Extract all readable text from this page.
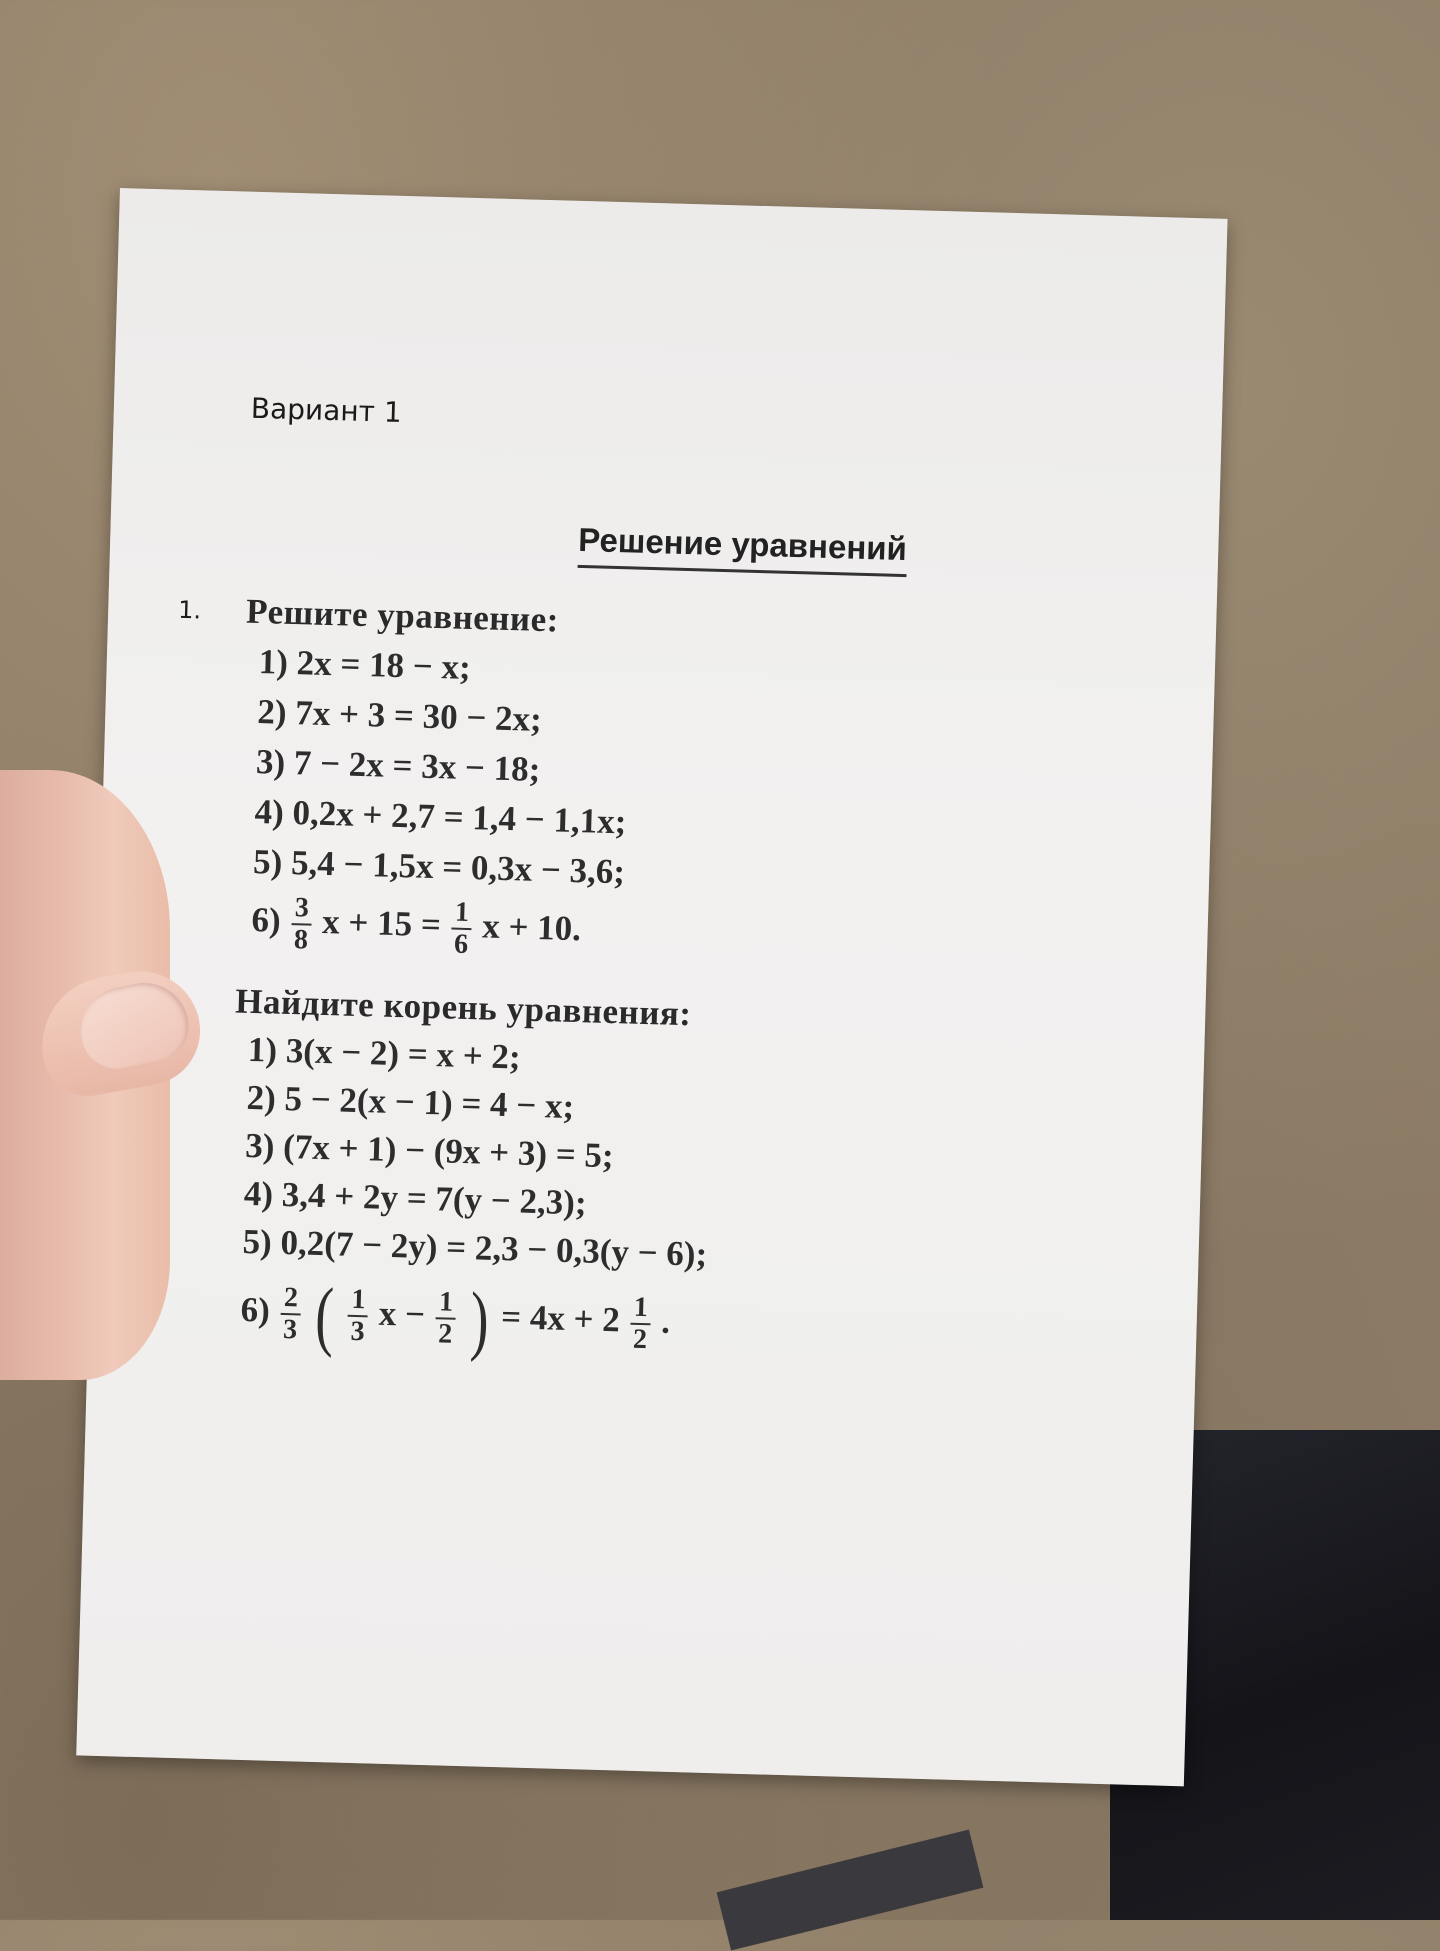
Вариант 1
Решение уравнений
1. Решите уравнение:
1) 2x = 18 − x;
2) 7x + 3 = 30 − 2x;
3) 7 − 2x = 3x − 18;
4) 0,2x + 2,7 = 1,4 − 1,1x;
5) 5,4 − 1,5x = 0,3x − 3,6;
$6) \frac{3}{8}$ $x + 15 = \frac{1}{6}$ x + 10.
Найдите корень уравнения:
1) 3(x − 2) = x + 2;
2) 5 − 2(x − 1) = 4 − x;
3) (7x + 1) − (9x + 3) = 5;
4) 3,4 + 2y = 7(y − 2,3);
5) 0,2(7 − 2y) = 2,3 − 0,3(y − 6);
$6) \frac{2}{3}$ ( $\frac{1}{3}$ $x - \frac{1}{2}$ ) = $4x + 2 \frac{1}{2}$ .
